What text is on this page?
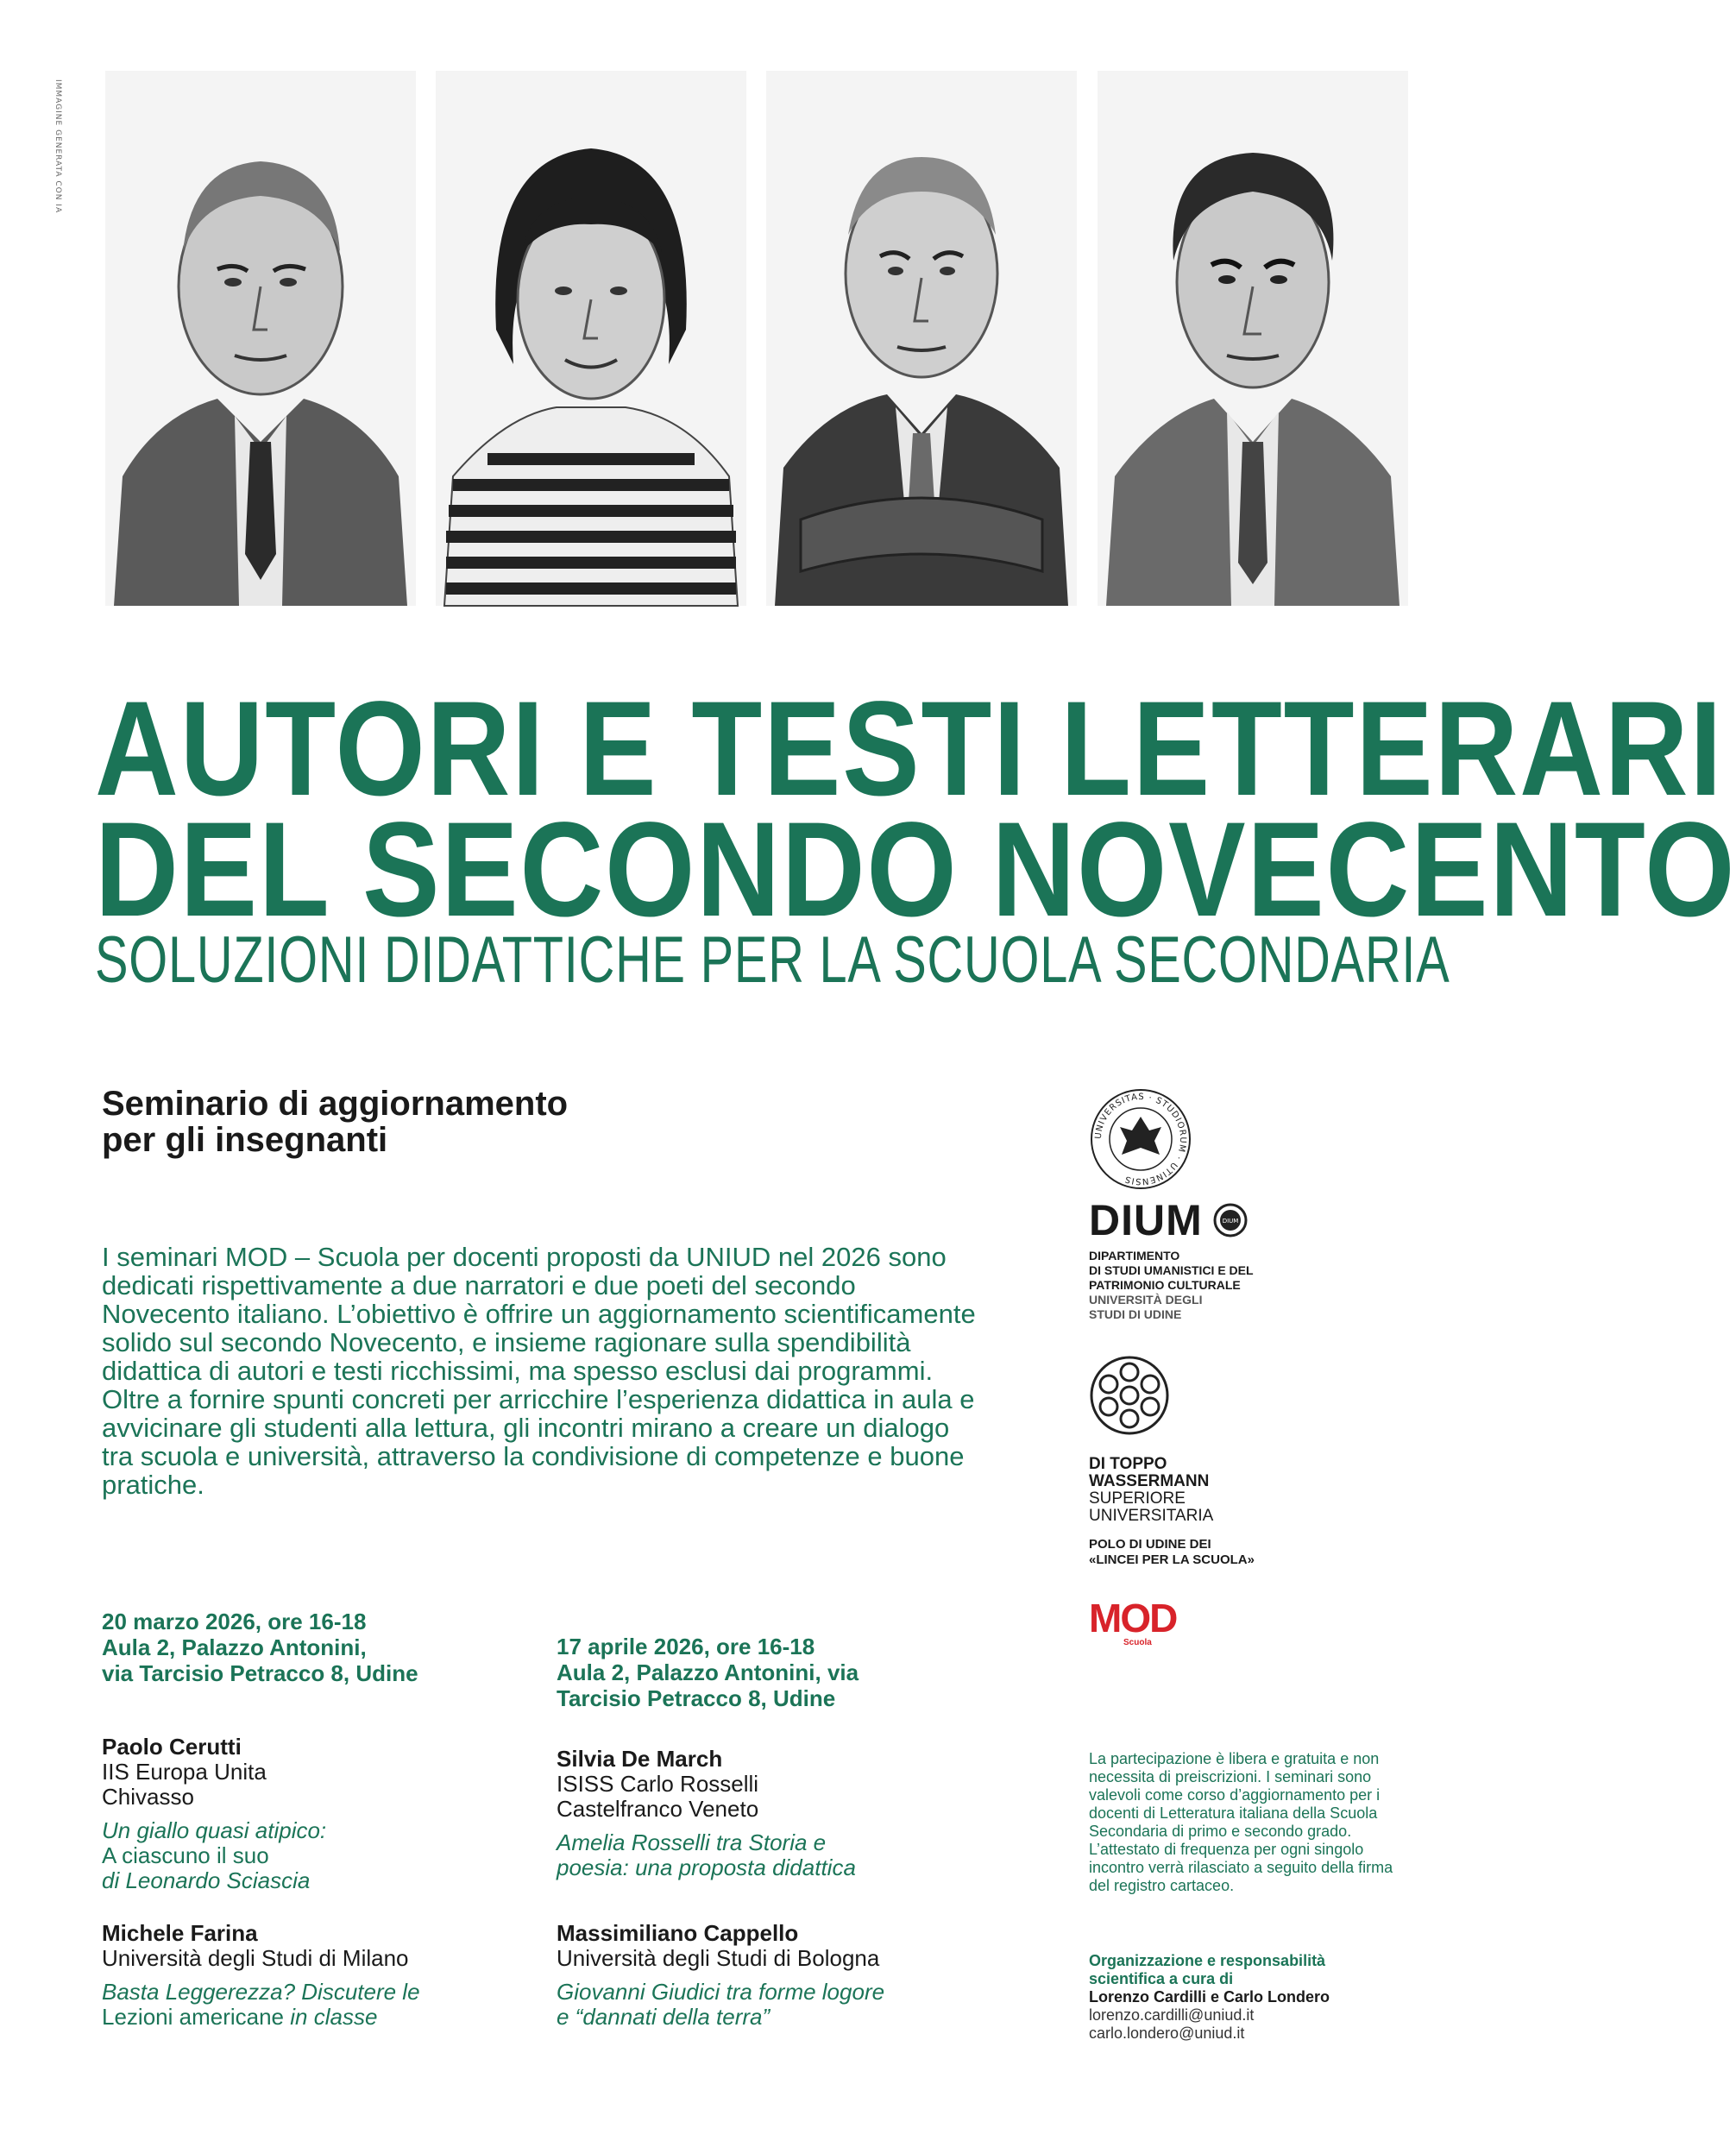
IMMAGINE GENERATA CON IA
AUTORI E TESTI LETTERARI
DEL SECONDO NOVECENTO
SOLUZIONI DIDATTICHE PER LA SCUOLA SECONDARIA
Seminario di aggiornamento
per gli insegnanti
I seminari MOD – Scuola per docenti proposti da UNIUD nel 2026 sono dedicati rispettivamente a due narratori e due poeti del secondo Novecento italiano. L’obiettivo è offrire un aggiornamento scientificamente solido sul secondo Novecento, e insieme ragionare sulla spendibilità didattica di autori e testi ricchissimi, ma spesso esclusi dai programmi. Oltre a fornire spunti concreti per arricchire l’esperienza didattica in aula e avvicinare gli studenti alla lettura, gli incontri mirano a creare un dialogo tra scuola e università, attraverso la condivisione di competenze e buone pratiche.
20 marzo 2026, ore 16-18
Aula 2, Palazzo Antonini,
via Tarcisio Petracco 8, Udine
Paolo Cerutti
IIS Europa Unita
Chivasso
Un giallo quasi atipico:
A ciascuno il suo
di Leonardo Sciascia
Michele Farina
Università degli Studi di Milano
Basta Leggerezza? Discutere le
Lezioni americane in classe
17 aprile 2026, ore 16-18
Aula 2, Palazzo Antonini, via
Tarcisio Petracco 8, Udine
Silvia De March
ISISS Carlo Rosselli
Castelfranco Veneto
Amelia Rosselli tra Storia e
poesia: una proposta didattica
Massimiliano Cappello
Università degli Studi di Bologna
Giovanni Giudici tra forme logore
e “dannati della terra”
UNIVERSITAS · STUDIORUM · UTINENSIS
DIUM	DIUM
DIPARTIMENTO
DI STUDI UMANISTICI E DEL
PATRIMONIO CULTURALE
UNIVERSITÀ DEGLI
STUDI DI UDINE
DI TOPPO
WASSERMANN
SUPERIORE
UNIVERSITARIA
POLO DI UDINE DEI
«LINCEI PER LA SCUOLA»
MOD
Scuola
La partecipazione è libera e gratuita e non necessita di preiscrizioni. I seminari sono valevoli come corso d’aggiornamento per i docenti di Letteratura italiana della Scuola Secondaria di primo e secondo grado. L’attestato di frequenza per ogni singolo incontro verrà rilasciato a seguito della firma del registro cartaceo.
Organizzazione e responsabilità
scientifica a cura di
Lorenzo Cardilli e Carlo Londero
lorenzo.cardilli@uniud.it
carlo.londero@uniud.it
